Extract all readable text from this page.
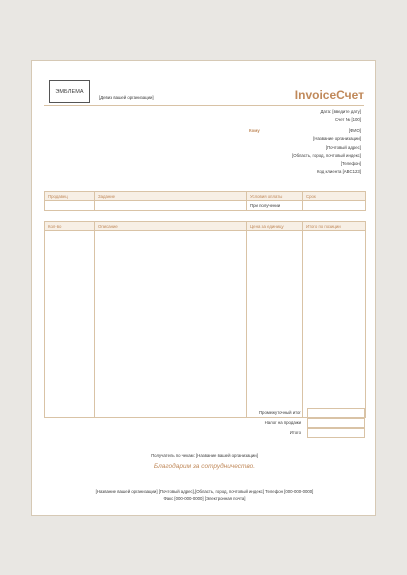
ЭМБЛЕМА
[Девиз вашей организации]	InvoiceСчет
Дата: [введите дату]
Счет № [100]
Кому	[ФИО]
[Название организации]
[Почтовый адрес]
[Область, город, почтовый индекс]
[Телефон]
Код клиента [ABC123]
Продавец	Задание	Условия оплаты	Срок
		При получении	
Кол-во	Описание	Цена за единицу	Итого по позиции

Промежуточный итог
Налог на продажи
Итого
Получатель по чекам: [Название вашей организации]
Благодарим за сотрудничество.
[Название вашей организации] [Почтовый адрес],[Область, город, почтовый индекс] Телефон [000-000-0000]
Факс [000-000-0000] [Электронная почта]
